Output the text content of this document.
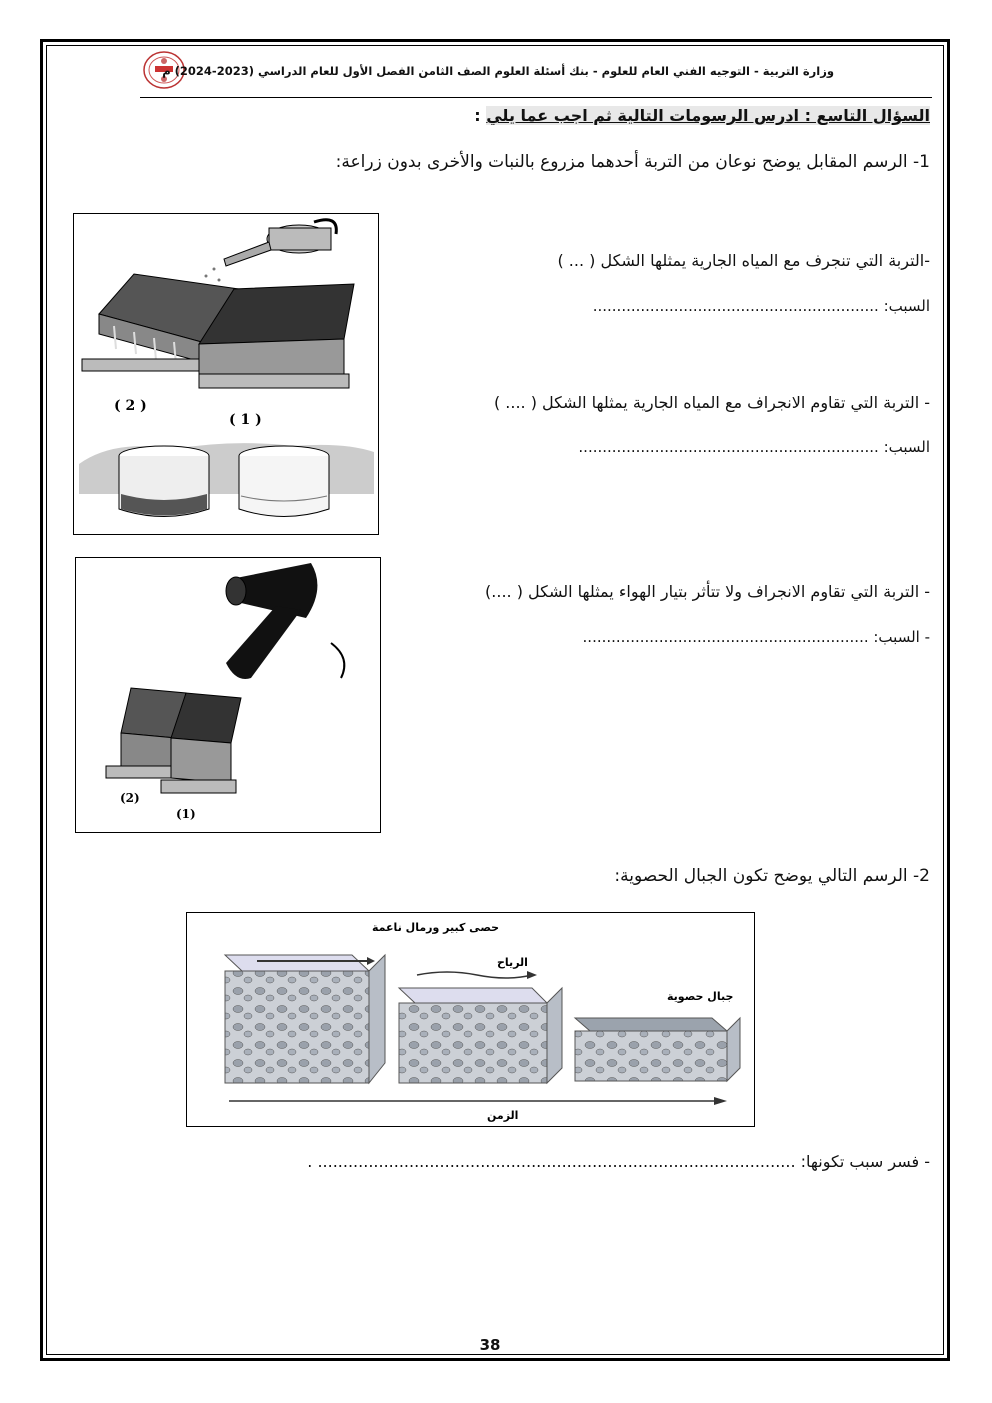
وزارة التربية - التوجيه الفني العام للعلوم - بنك أسئلة العلوم الصف الثامن الفصل الأول للعام الدراسي (2023-2024) م
السؤال التاسع : ادرس الرسومات التالية ثم اجب عما يلي :
1- الرسم المقابل يوضح نوعان من التربة أحدهما مزروع بالنبات والأخرى بدون زراعة:
-التربة التي تنجرف مع المياه الجارية يمثلها الشكل ( ... )
السبب: ............................................................
- التربة التي تقاوم الانجراف مع المياه الجارية يمثلها الشكل ( .... )
السبب: ...............................................................
- التربة التي تقاوم الانجراف ولا تتأثر بتيار الهواء يمثلها الشكل ( ....)
- السبب: ............................................................
( 2 )
( 1 )
(2)
(1)
2- الرسم التالي يوضح تكون الجبال الحصوية:
حصى كبير ورمال ناعمة
الرياح
جبال حصوية
الزمن
- فسر سبب تكونها: .............................................................................................. .
38
